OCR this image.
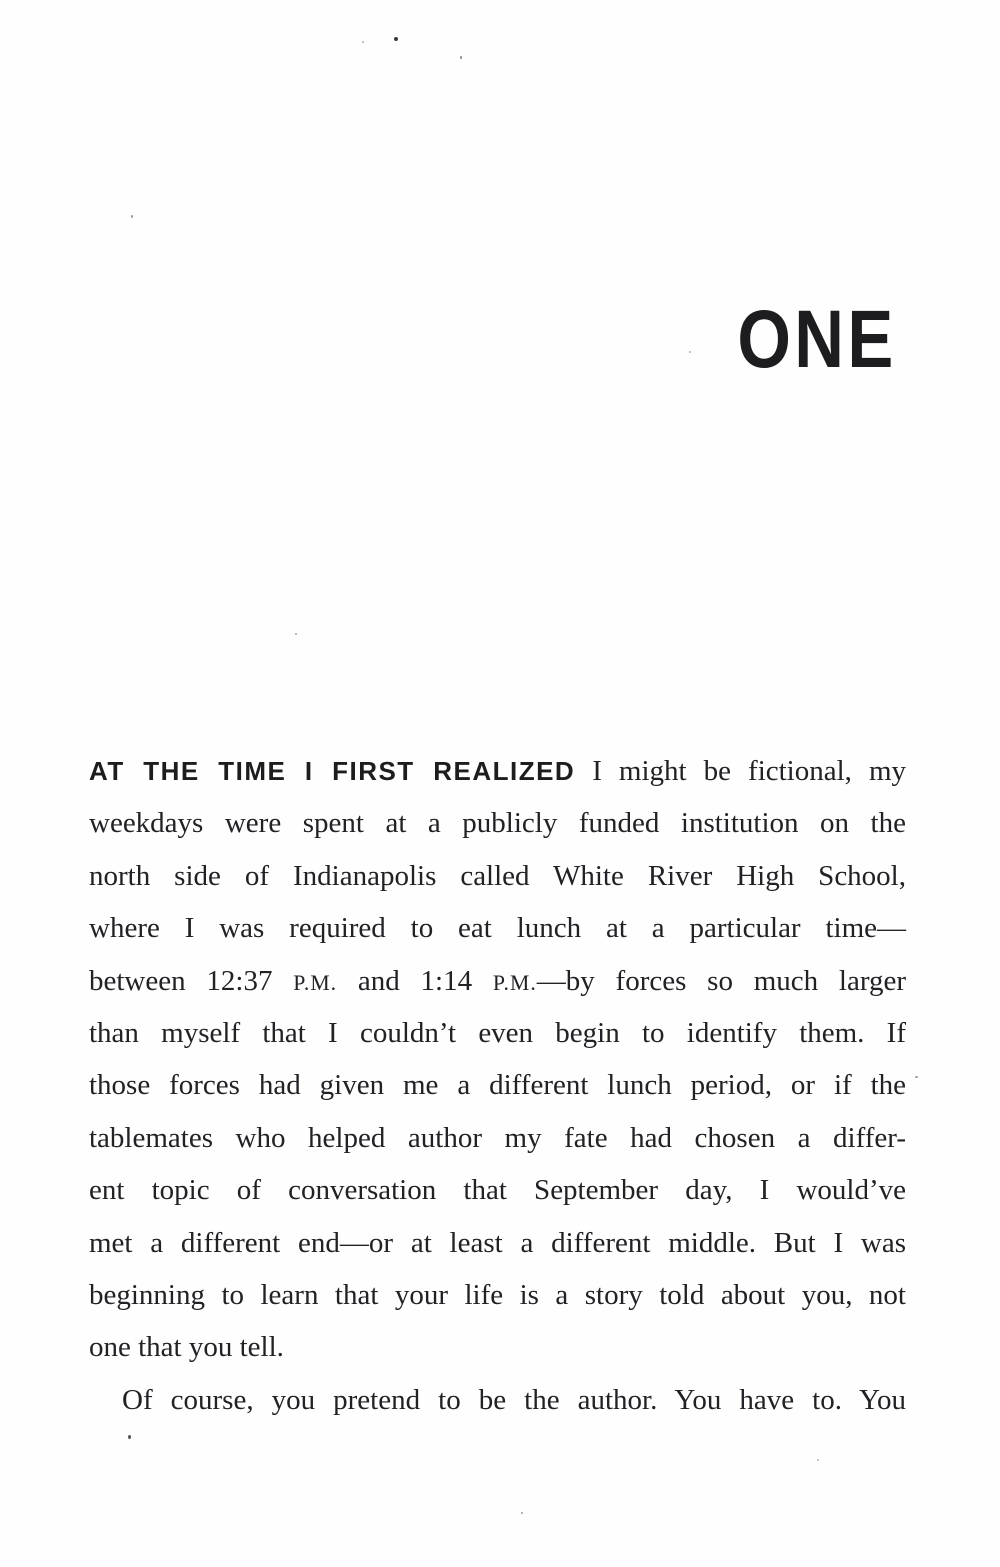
ONE
AT THE TIME I FIRST REALIZED I might be fictional, my
weekdays were spent at a publicly funded institution on the
north side of Indianapolis called White River High School,
where I was required to eat lunch at a particular time—
between 12:37 P.M. and 1:14 P.M.—by forces so much larger
than myself that I couldn’t even begin to identify them. If
those forces had given me a different lunch period, or if the
tablemates who helped author my fate had chosen a differ-
ent topic of conversation that September day, I would’ve
met a different end—or at least a different middle. But I was
beginning to learn that your life is a story told about you, not
one that you tell.
Of course, you pretend to be the author. You have to. You
